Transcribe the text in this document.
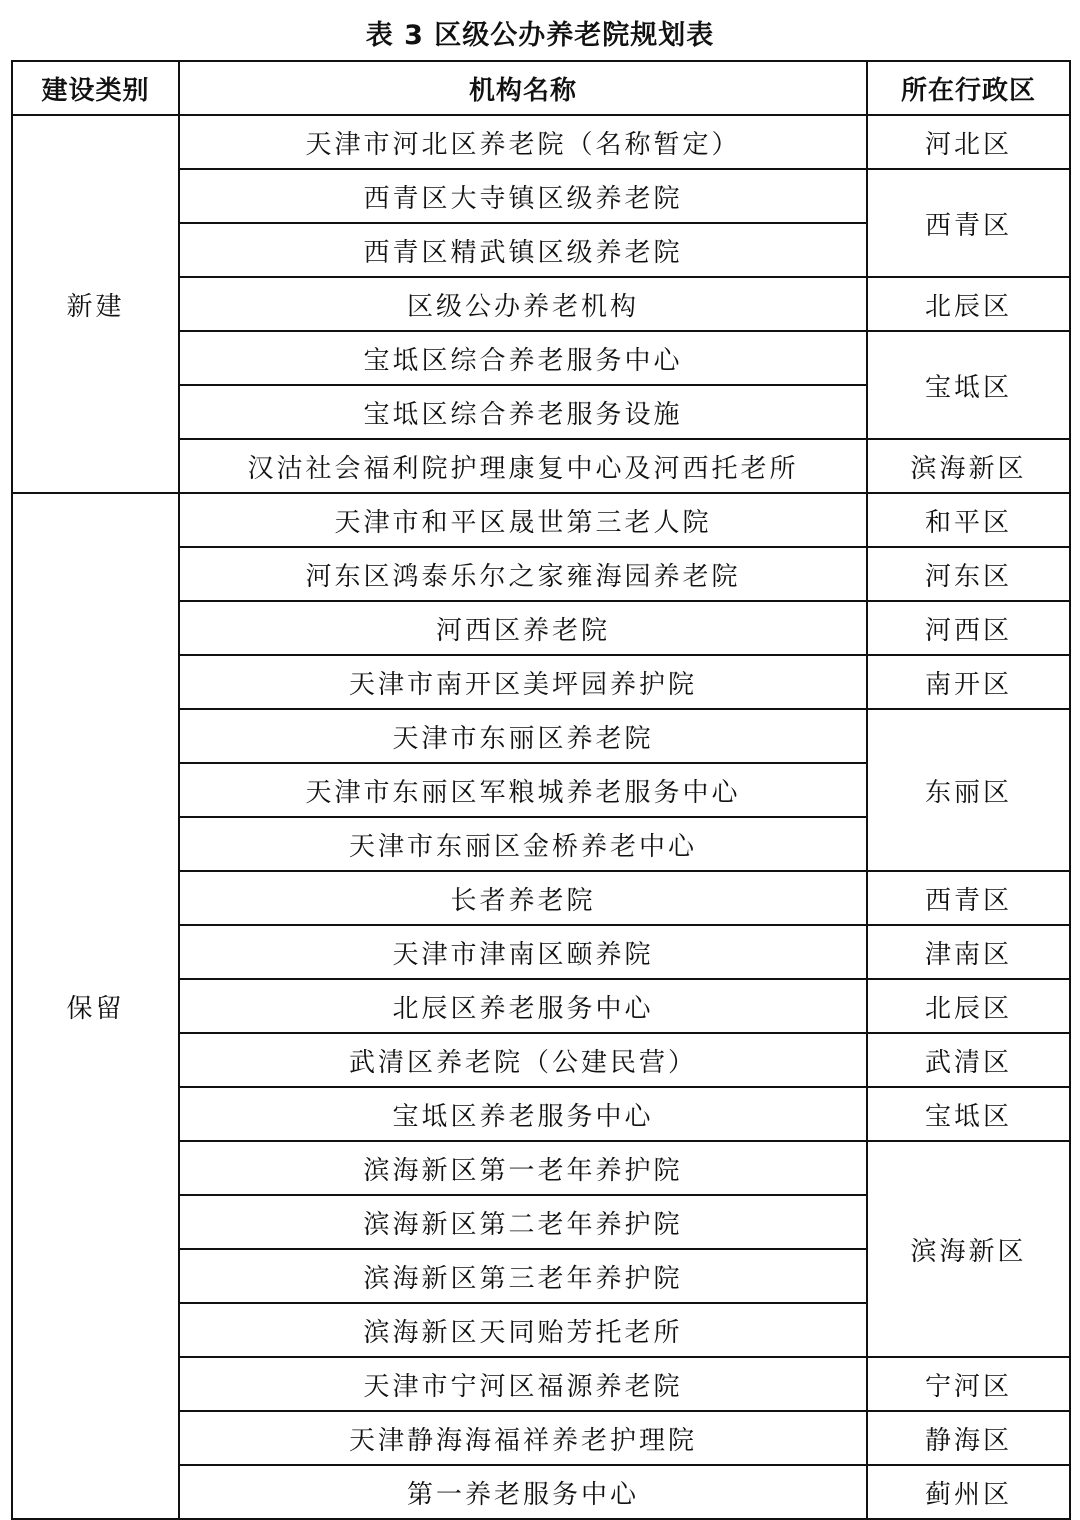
表 3 区级公办养老院规划表
建设类别	机构名称	所在行政区
新建	天津市河北区养老院（名称暂定）	河北区
	西青区大寺镇区级养老院	西青区
	西青区精武镇区级养老院	
	区级公办养老机构	北辰区
	宝坻区综合养老服务中心	宝坻区
	宝坻区综合养老服务设施	
	汉沽社会福利院护理康复中心及河西托老所	滨海新区
保留	天津市和平区晟世第三老人院	和平区
	河东区鸿泰乐尔之家雍海园养老院	河东区
	河西区养老院	河西区
	天津市南开区美坪园养护院	南开区
	天津市东丽区养老院	东丽区
	天津市东丽区军粮城养老服务中心	
	天津市东丽区金桥养老中心	
	长者养老院	西青区
	天津市津南区颐养院	津南区
	北辰区养老服务中心	北辰区
	武清区养老院（公建民营）	武清区
	宝坻区养老服务中心	宝坻区
	滨海新区第一老年养护院	滨海新区
	滨海新区第二老年养护院	
	滨海新区第三老年养护院	
	滨海新区天同贻芳托老所	
	天津市宁河区福源养老院	宁河区
	天津静海海福祥养老护理院	静海区
	第一养老服务中心	蓟州区
